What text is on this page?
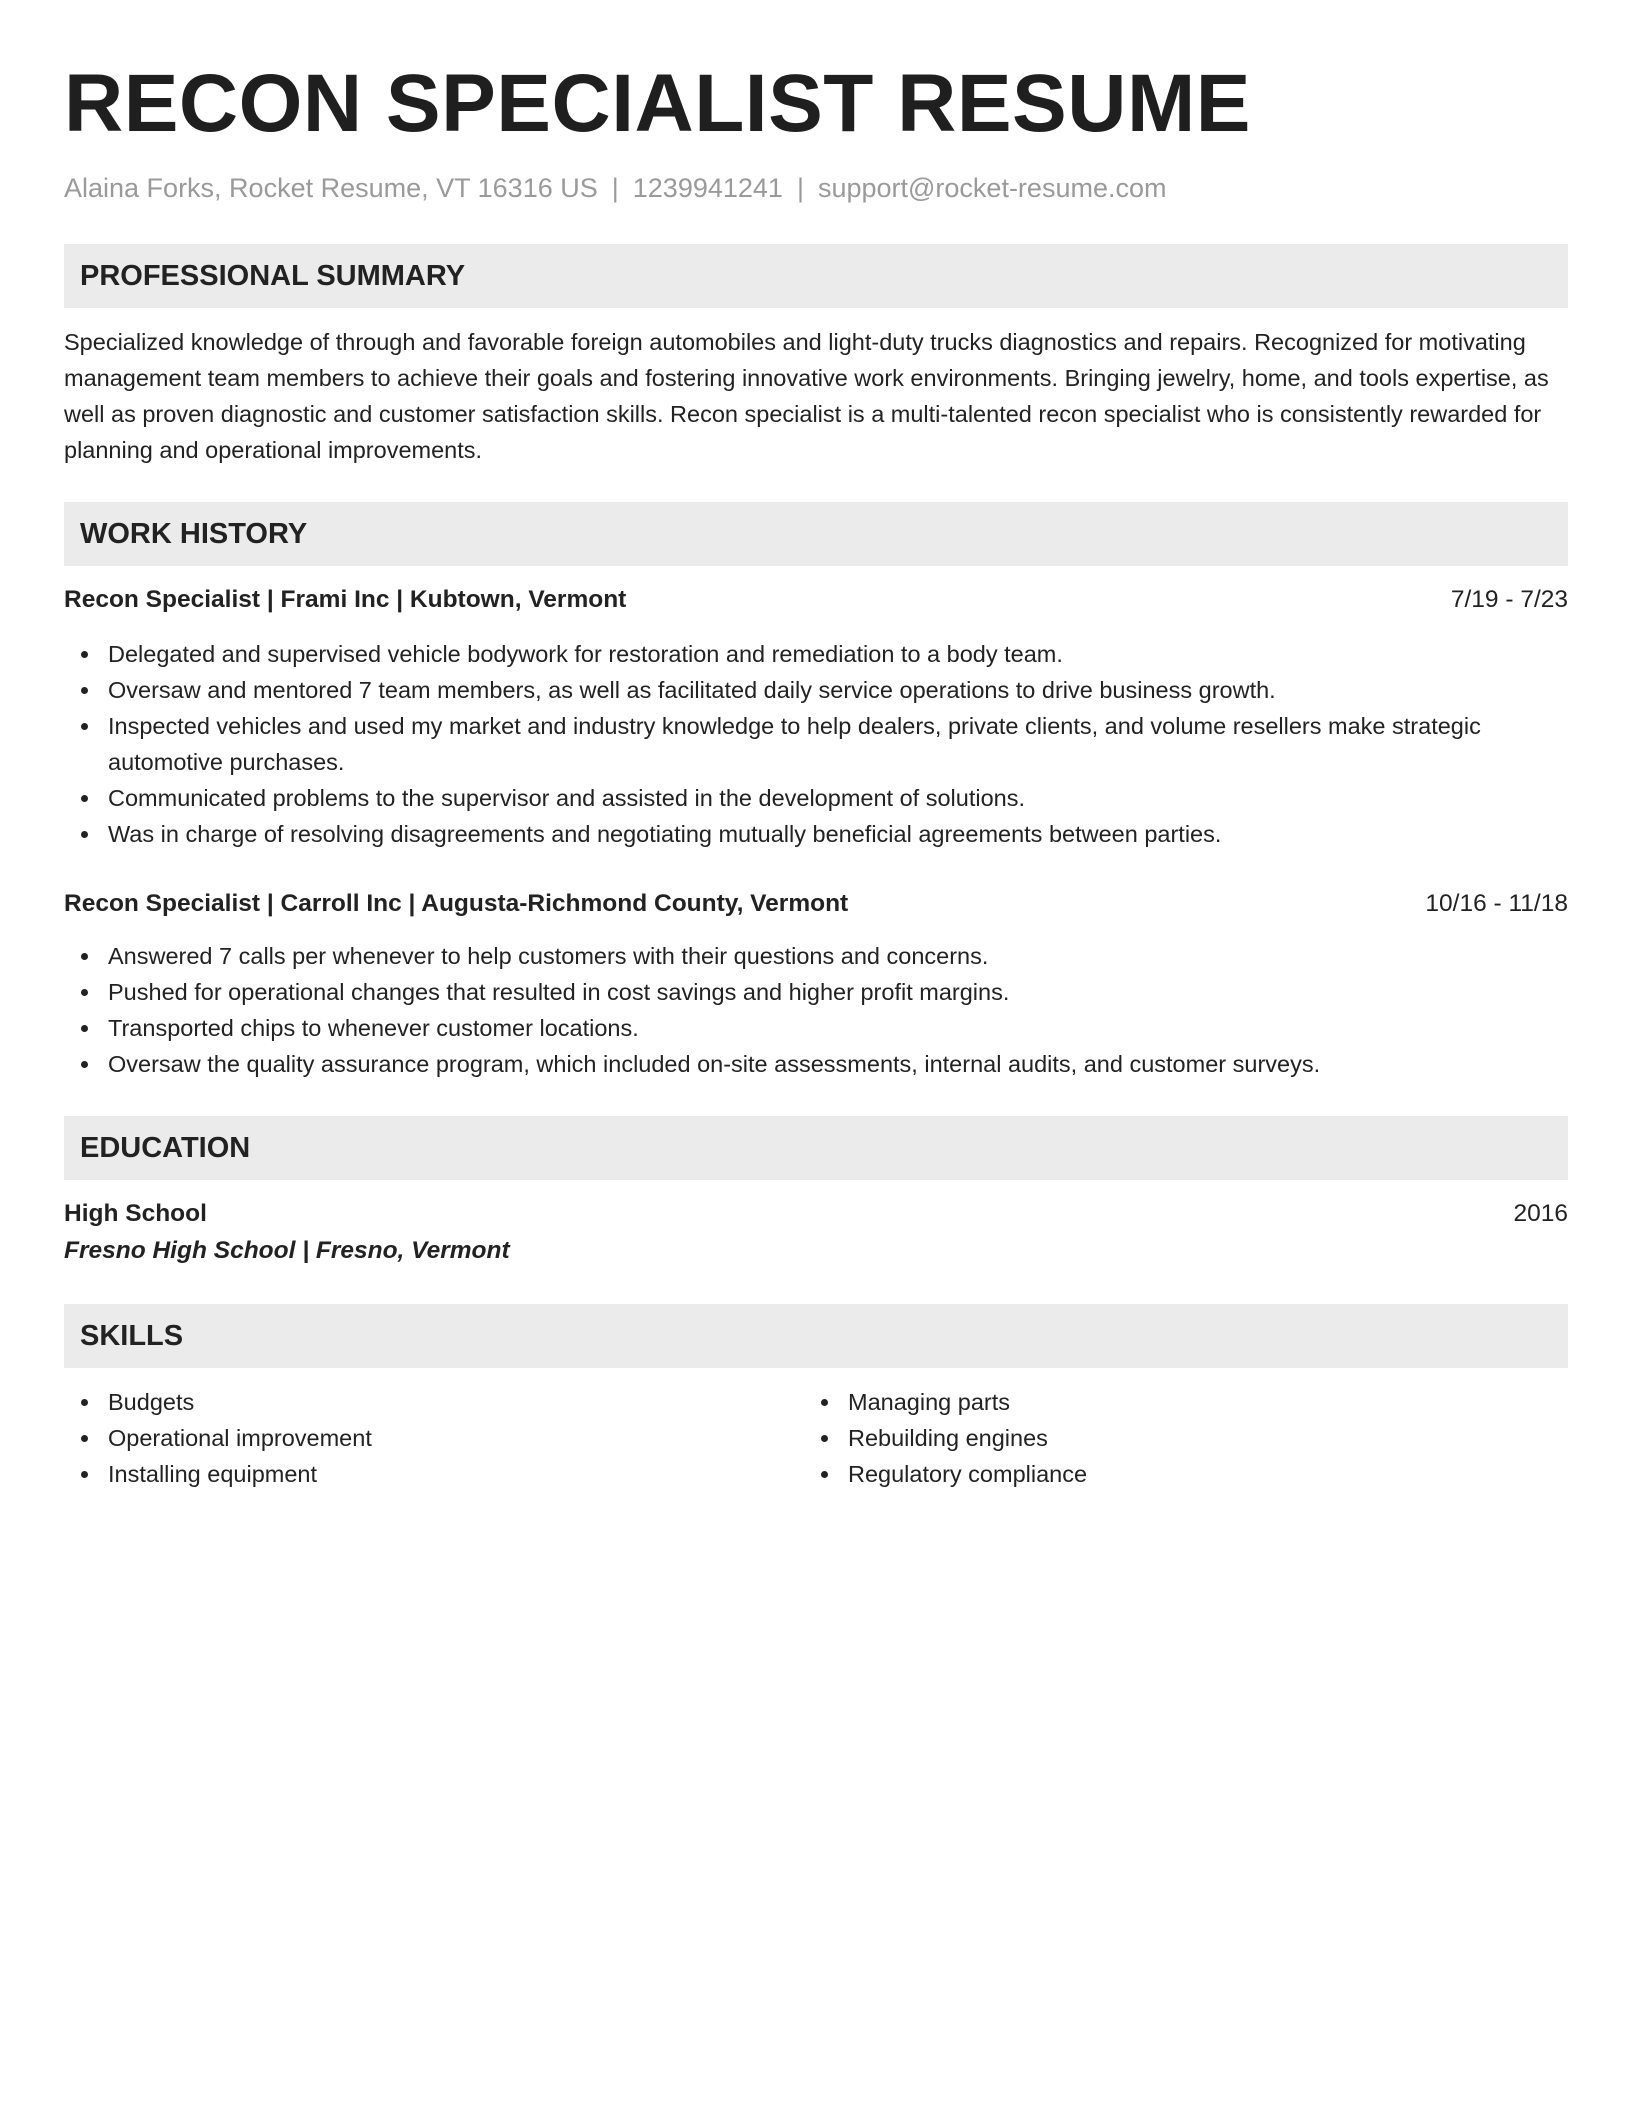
RECON SPECIALIST RESUME
Alaina Forks, Rocket Resume, VT 16316 US | 1239941241 | support@rocket-resume.com
PROFESSIONAL SUMMARY

Specialized knowledge of through and favorable foreign automobiles and light-duty trucks diagnostics and repairs. Recognized for motivating management team members to achieve their goals and fostering innovative work environments. Bringing jewelry, home, and tools expertise, as well as proven diagnostic and customer satisfaction skills. Recon specialist is a multi-talented recon specialist who is consistently rewarded for planning and operational improvements.

WORK HISTORY
Recon Specialist | Frami Inc | Kubtown, Vermont	7/19 - 7/23
Delegated and supervised vehicle bodywork for restoration and remediation to a body team.
Oversaw and mentored 7 team members, as well as facilitated daily service operations to drive business growth.
Inspected vehicles and used my market and industry knowledge to help dealers, private clients, and volume resellers make strategic automotive purchases.
Communicated problems to the supervisor and assisted in the development of solutions.
Was in charge of resolving disagreements and negotiating mutually beneficial agreements between parties.
Recon Specialist | Carroll Inc | Augusta-Richmond County, Vermont	10/16 - 11/18
Answered 7 calls per whenever to help customers with their questions and concerns.
Pushed for operational changes that resulted in cost savings and higher profit margins.
Transported chips to whenever customer locations.
Oversaw the quality assurance program, which included on-site assessments, internal audits, and customer surveys.
EDUCATION
High School	2016
Fresno High School | Fresno, Vermont
SKILLS
Budgets
Operational improvement
Installing equipment
Managing parts
Rebuilding engines
Regulatory compliance
